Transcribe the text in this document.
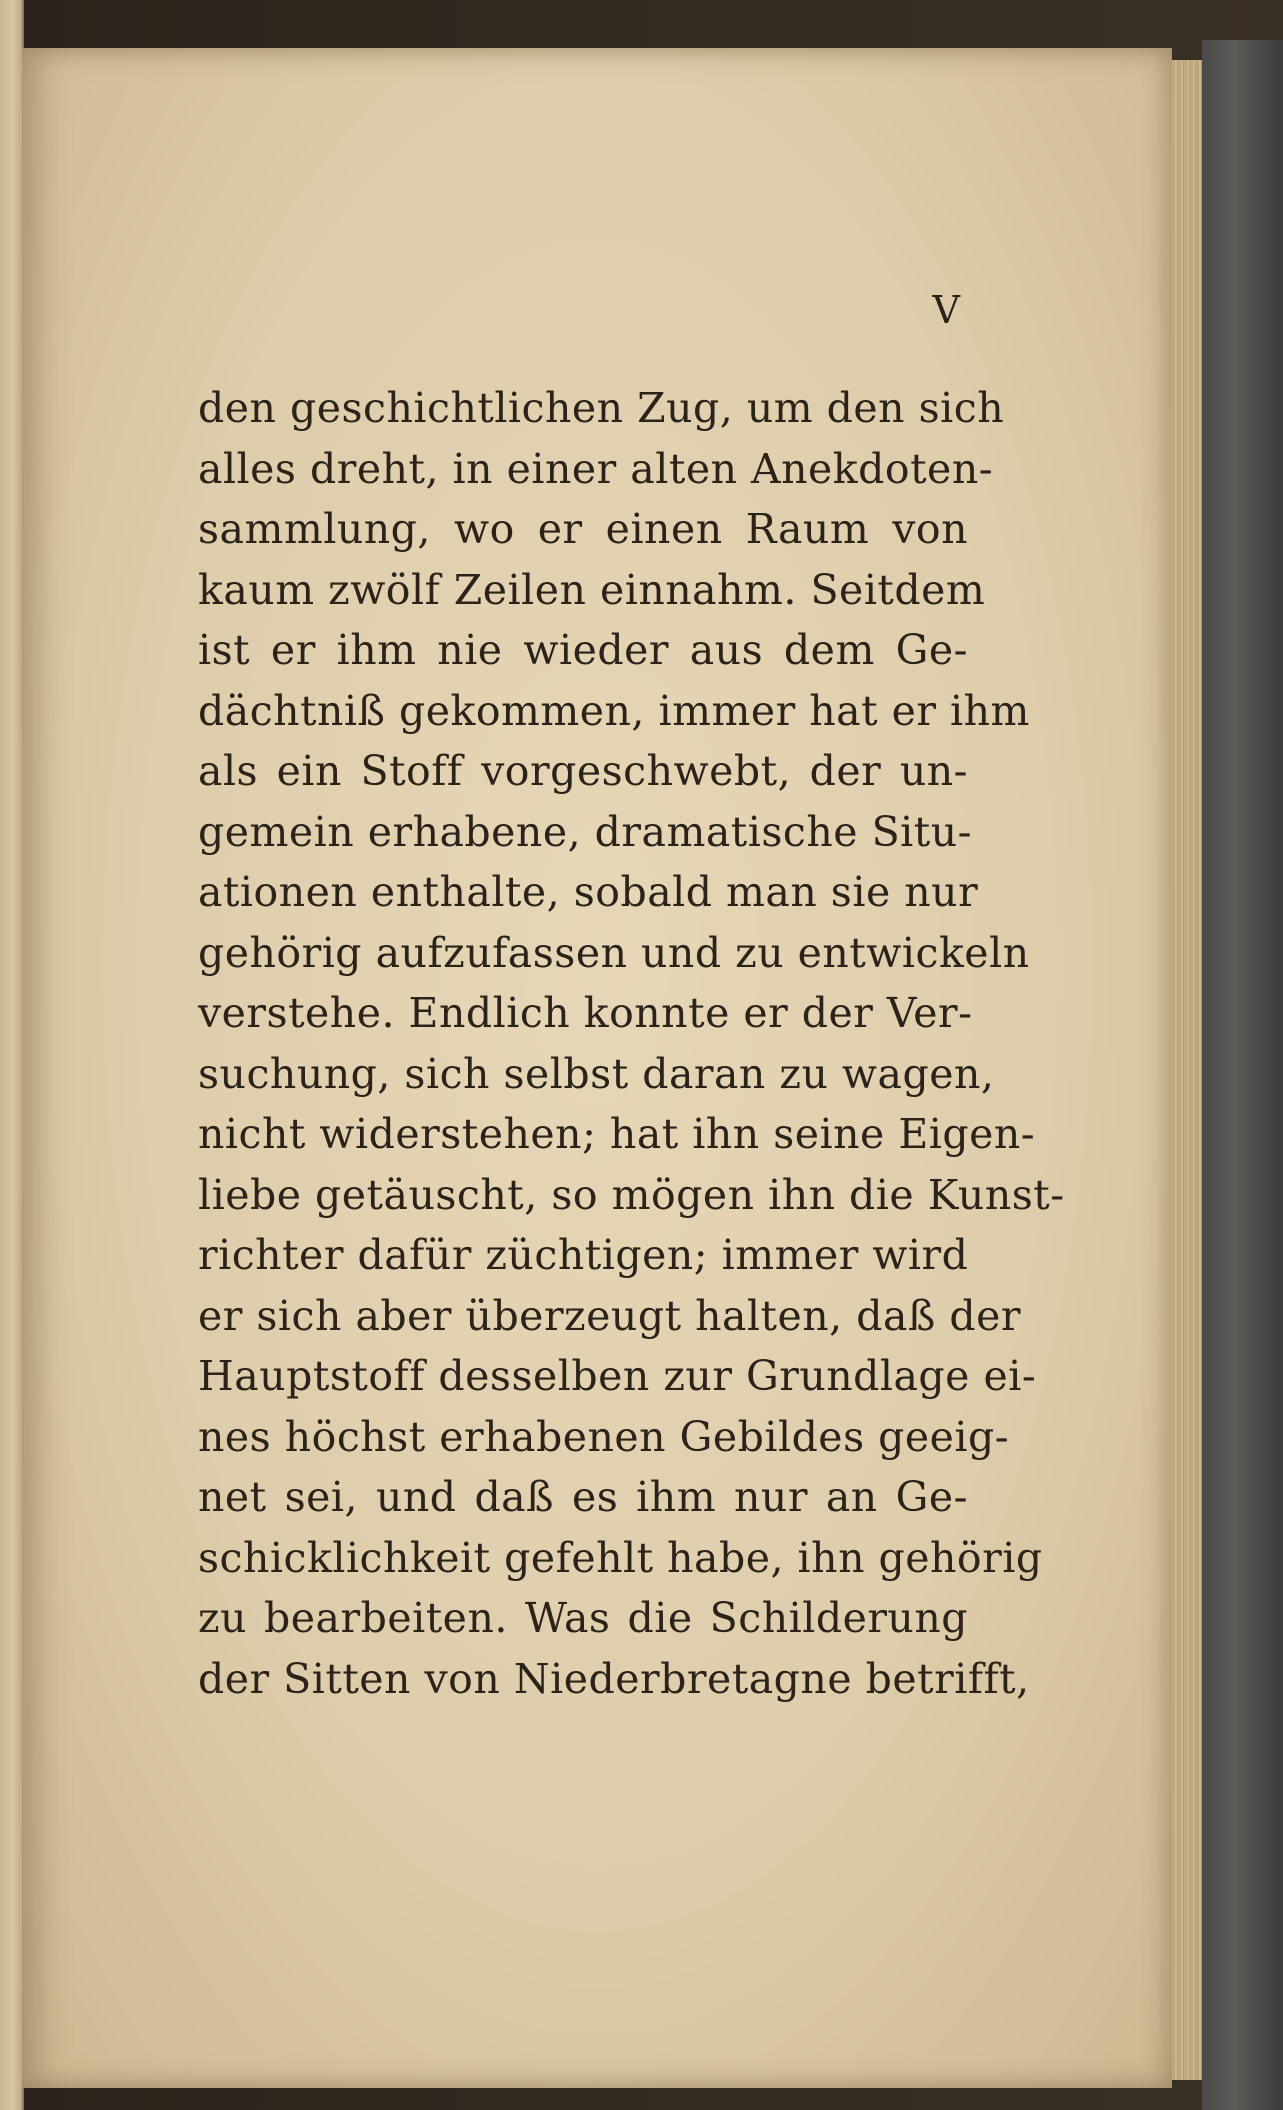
V
den geschichtlichen Zug, um den sich
alles dreht, in einer alten Anekdoten-
sammlung, wo er einen Raum von
kaum zwölf Zeilen einnahm. Seitdem
ist er ihm nie wieder aus dem Ge-
dächtniß gekommen, immer hat er ihm
als ein Stoff vorgeschwebt, der un-
gemein erhabene, dramatische Situ-
ationen enthalte, sobald man sie nur
gehörig aufzufassen und zu entwickeln
verstehe. Endlich konnte er der Ver-
suchung, sich selbst daran zu wagen,
nicht widerstehen; hat ihn seine Eigen-
liebe getäuscht, so mögen ihn die Kunst-
richter dafür züchtigen; immer wird
er sich aber überzeugt halten, daß der
Hauptstoff desselben zur Grundlage ei-
nes höchst erhabenen Gebildes geeig-
net sei, und daß es ihm nur an Ge-
schicklichkeit gefehlt habe, ihn gehörig
zu bearbeiten. Was die Schilderung
der Sitten von Niederbretagne betrifft,
